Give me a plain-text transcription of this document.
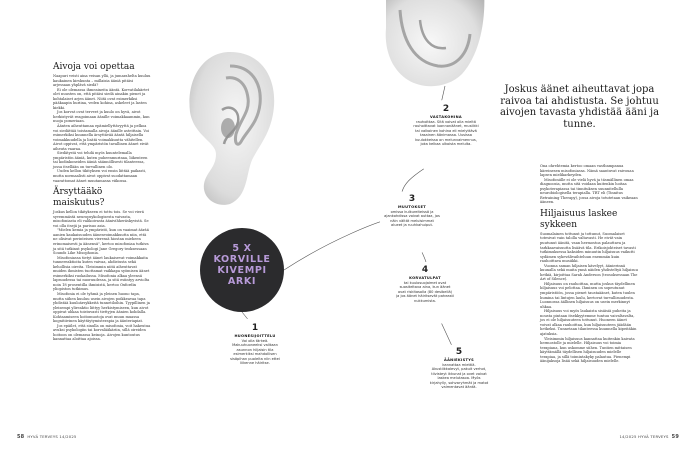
Aivoja voi opettaa

Naapuri veisti aina veisan yllä, ja jumarahelta kuuluu kaukainen kirskunta – millaisia ääniä pitäisi arjessaan yhplävä siedä?

Ei ole olemassa ihmeaineita ääntä. Korvatilakärtet olet nuusten on, että pitäisi siedä ainakin pienet ja kohtalaiset arjen äänet. Niitä ovat esimerkiksi pääkaapin huriina, veden kohina, askeleet ja lasten kiekki.

Jos korvat ovat terveet ja kuulo on hyvä, aivot herkistyvät reagoimaan äänille voimakkaammin, kun nuoja pomeriaan.

Äänten aiheuttamaa epämiellyttävyyttä ja pelkoa voi siedättää toistamalla aivoja äänille asteittain. Voi esimerkiksi kuunnella ärsyttävää ääntä hiljaisella voimakkuudella ja lisätä voimakkuutta vähitellen. Aivot oppivat, että ympäristön tavallinen äänet eivät aiheuta vaaraa.

Siedätystä voi tehdä myös kuuntelemalla ympäristön ääniä, kuten puheenmurinaa, liikenteen tai kodinkoneiden ääniä säännöllisesti tilanteessa, jossa itsellään on turvallinen olo.

Uuden kellon tikityksen voi ensin liittää paikasti, mutta normaalisti aivot oppivat suodattamaan vaarattomat äänet muutamassa viikossa.

Ärsyttääkö maiskutus?

Joskus kellon tikitykseen ei tottu tois. Se voi vierä syvemmästä neuropsykologisesta vaivasta, misofoniasta eli valikoivasta äänivihheräskyvistä. Se voi olla itsejä ja parisuo asia.

"Mielen kemia ja ympäristö, kun on vaaimat äärää aanien kaukaisuuden äänenvoimakkuutta niin, että ne olisivat perinteisen vieressä hiostan mieheen erinomaisesti ja äänensä", kertoo misofoniaa tutkiva ja sitä tutkinut psykologi Jane Gregory teoksessaan Sounds Like Misophonia.

Misofoniassa tietyt äänet laukaisevat voimakkaita tunnereaktioita kuten vaivaa, ahdistusta sekä kehollisia oireita. Yleisimmin niitä aiheuttavat muiden ihmisten tuottamat vaikkapa syömisen äänet esimerkiksi ruokailussa. Misofonia alkaa yleensä lapsuudessa tai nuoruudessa, ja sitä esiintyy arviolta noin 18 prosentilla ihmisistä, kertoo Oxfordin yliopiston tutkimus.

Misofonia ei ole tyhmä ja yleinen huono tapa, mutta siihen kuuluu usein aivojen poikkeavaa tapa yhdistää kuuloärsykkeitä tunnetiloihin. Tyypillinen ja yleisempi ylireaktio liittyy herkistymiseen, kun aivot oppivat uhkaa toistuvasti tiettyjen äänien kohdalla. Kohtaamiseen hoitomuotoja ovat muun muassa kognitiivinen käyttäytymisterapia ja äänteriapiat.

Jos epäilet, että sinulla on misofonia, voit hakeutua avuksi psykologiin tai korvalääkäriin, sillä oireiden hoitoon on olemassa keinoja. Aivojen kuntoutus kannattaa aloittaa ajoissa.

58 HYVÄ TERVEYS 14/2025
5 X
KORVILLE
KIVEMPI
ARKI
1
HUONESIJOITTELU
Voi olla tärkeä. Makuuhuoneeksi valitaan asunnon hiljaisin tila esimerkiksi mahdollisen sisäpihan puolelta niin ettei liikenne häiritse.
2
VASTAKOHINA
rauhoittaa. Sitä voivat olla mieltä rauhoittavat luonnonäänet, musiikki tai valkoinen kohina eli mielyttävä tasainen äänimassa. Uusissa kuulokkeissa on melunvaimennus, joka kelkaa ulkoista melulta.
3
MUUTOKSET
omissa kulkureiteissä ja ajankohdissa voivat auttaa, jos näin vältät meluisimmat alueet ja ruuhkahuiput.
4
KORVATULPAT
tai kuulosuojaimet ovat suositeltava aina, kun äänet ovat riskitasolla (80 desibeliä) ja jos äänet häiritsevät paheasti nukkumista.
5
ÄÄNIEKISTYS
kannattaa miettiä. Akustiikkalevyt, pakuit verhot, tiivisteyt ikkunat ja ovet voivat laskea melutasoa. Myös kirjahylly, sohvaryhmät ja matot vaimentavat ääntä.
Joskus äänet aiheuttavat jopa raivoa tai ahdistusta. Se johtuu aivojen tavasta yhdistää ääni ja tunne.

Ona ohrehtemia kertoo omaan vastbampanua käreinesen misofoniassa. Nämä saantuvat raivouaa lapsen mielikarkeyden.

Misofoniille ei ole vielä hyvä ja täsmällinen omaa diagnoosia, mutta sitä voidaan kuitenkin hoitaa psykoterapiassa tai tinnituksen suunnitellulla neurobiologisella terapialla. TRT eli (Tinnitus Retraining Therapy), jossa aivoja totutetaan vaikeaan ääneen.

Hiljaisuus laskee sykkeen

Suomalainen tottunut ja tottunut, Suomalaiset totesivat vain talolla valtavasti. He eivät vain puutunut äänitä, vaan hermostoa palauttava ja tarkkaavaisuutta lisäävä tila. Erikoisjohteiset tavasti tutkimuksessa kaksiden minuutin hiljaisuus vaikutti sydämen sykevälivaihteluun enemmän kuin rauhoittava musiikki.

Vuonna saman hiljaisen kävelyyt, äänierinnä kuunalla sekä muita ynnä näiden yhdisteltyä hiljaisuu hetkiä, kirjoittaa Sarah Anderson (teosoksessaan The Art of Silence).

Hiljaisuus on rauhoittaa, mutta joskus täydellinen hiljaisuus voi pelottaa. Ihminen on sopeutunut ympäristöön, jossa pienet taustaäänet, kuten tuulen humina tai lintujen laulu, kertovat turvallisuudesta. Luonnossa äällinen hiljaisuus on usein merkinnyt uhkaa.

Hiljaisuus voi myös laukaista sisäisiä puheita ja nousta pintaan itsekkyytemme tuntuu vaivaltavalta, jos ei ole hiljaisuuteen tottunut. Huoneen äänet voivat alkaa rauhoittaa, kun hiljaisuuteen jäädään hetkeksi. Tunnetaan tilanteessa kuunnella kipeitäkin ajatuksia.

Yleisimmin hiljaisuus kannattaa kuitenkin kaivata hermostolle ja mielelle. Hiljaisuus voi toimia terapiana, kun uskomme siihen. Tuntien mittaisen käyttämällä täydellisen hiljaisuuden mielelle terapiaa, ja sillä toimintakyky palautua. Pienempi äänijaksoja lisää sekä hiljaisuuden mielelle.

14/2025 HYVÄ TERVEYS 59
